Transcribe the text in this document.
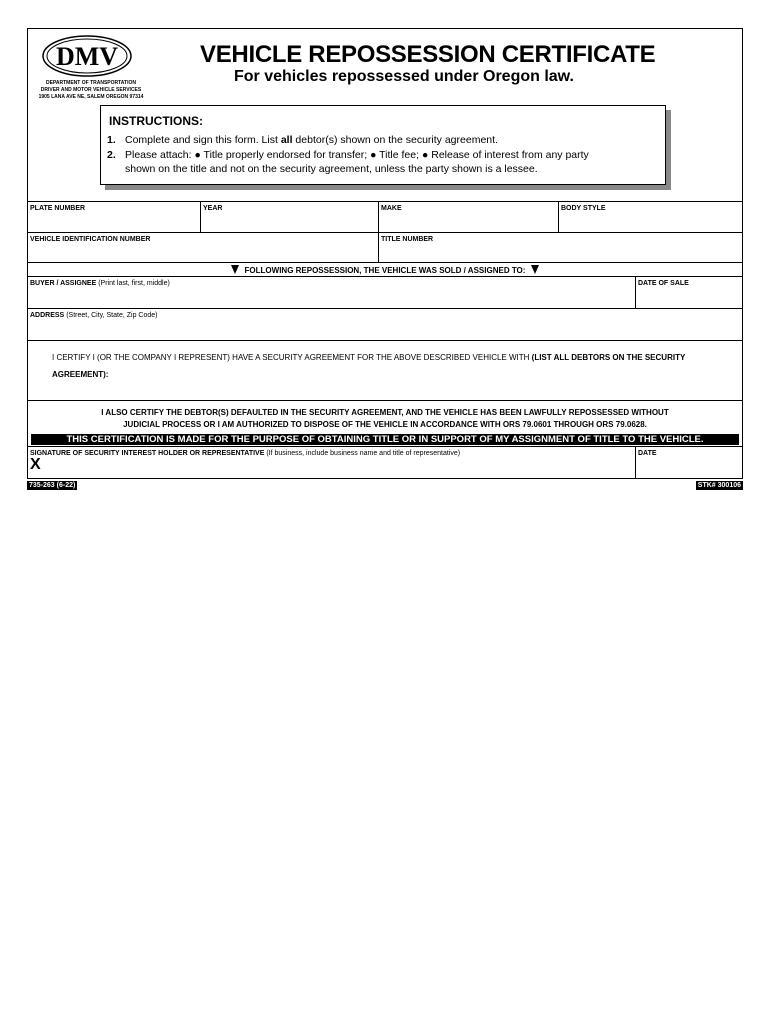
DMV
DEPARTMENT OF TRANSPORTATION
DRIVER AND MOTOR VEHICLE SERVICES
1905 LANA AVE NE, SALEM OREGON 97314
VEHICLE REPOSSESSION CERTIFICATE
For vehicles repossessed under Oregon law.
INSTRUCTIONS:
1. Complete and sign this form. List all debtor(s) shown on the security agreement.
2. Please attach: ● Title properly endorsed for transfer; ● Title fee; ● Release of interest from any party
shown on the title and not on the security agreement, unless the party shown is a lessee.
PLATE NUMBER	YEAR	MAKE	BODY STYLE
VEHICLE IDENTIFICATION NUMBER	TITLE NUMBER
FOLLOWING REPOSSESSION, THE VEHICLE WAS SOLD / ASSIGNED TO:
BUYER / ASSIGNEE (Print last, first, middle)	DATE OF SALE
ADDRESS (Street, City, State, Zip Code)
I CERTIFY I (OR THE COMPANY I REPRESENT) HAVE A SECURITY AGREEMENT FOR THE ABOVE DESCRIBED VEHICLE WITH (LIST ALL DEBTORS ON THE SECURITY AGREEMENT):
I ALSO CERTIFY THE DEBTOR(S) DEFAULTED IN THE SECURITY AGREEMENT, AND THE VEHICLE HAS BEEN LAWFULLY REPOSSESSED WITHOUT
JUDICIAL PROCESS OR I AM AUTHORIZED TO DISPOSE OF THE VEHICLE IN ACCORDANCE WITH ORS 79.0601 THROUGH ORS 79.0628.
THIS CERTIFICATION IS MADE FOR THE PURPOSE OF OBTAINING TITLE OR IN SUPPORT OF MY ASSIGNMENT OF TITLE TO THE VEHICLE.
SIGNATURE OF SECURITY INTEREST HOLDER OR REPRESENTATIVE (If business, include business name and title of representative)
X
DATE
735-263 (6-22)	STK# 300106
